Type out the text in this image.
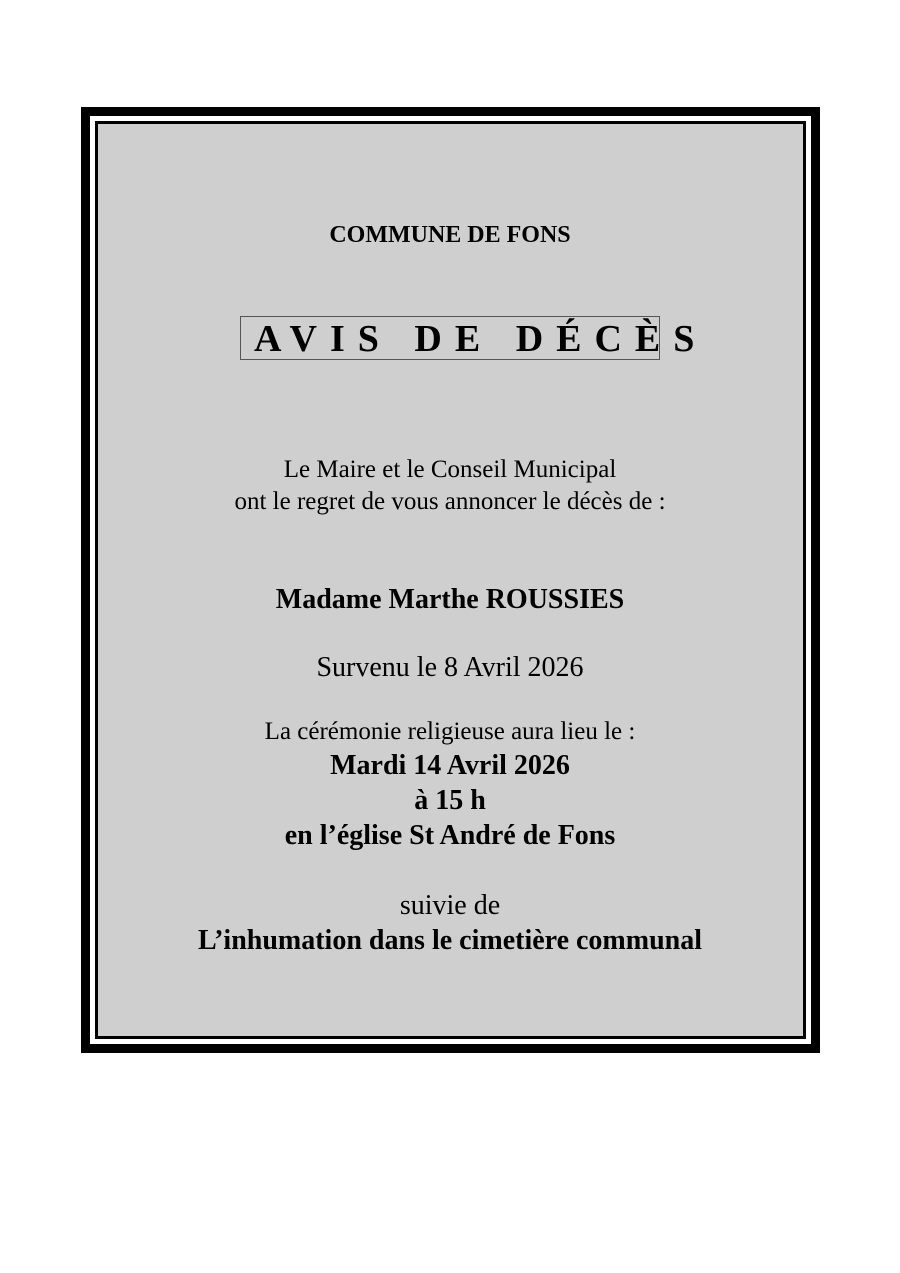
COMMUNE DE FONS
AVIS DE DÉCÈS
Le Maire et le Conseil Municipal
ont le regret de vous annoncer le décès de :
Madame Marthe ROUSSIES
Survenu le 8 Avril 2026
La cérémonie religieuse aura lieu le :
Mardi 14 Avril 2026
à 15 h
en l’église St André de Fons
suivie de
L’inhumation dans le cimetière communal
